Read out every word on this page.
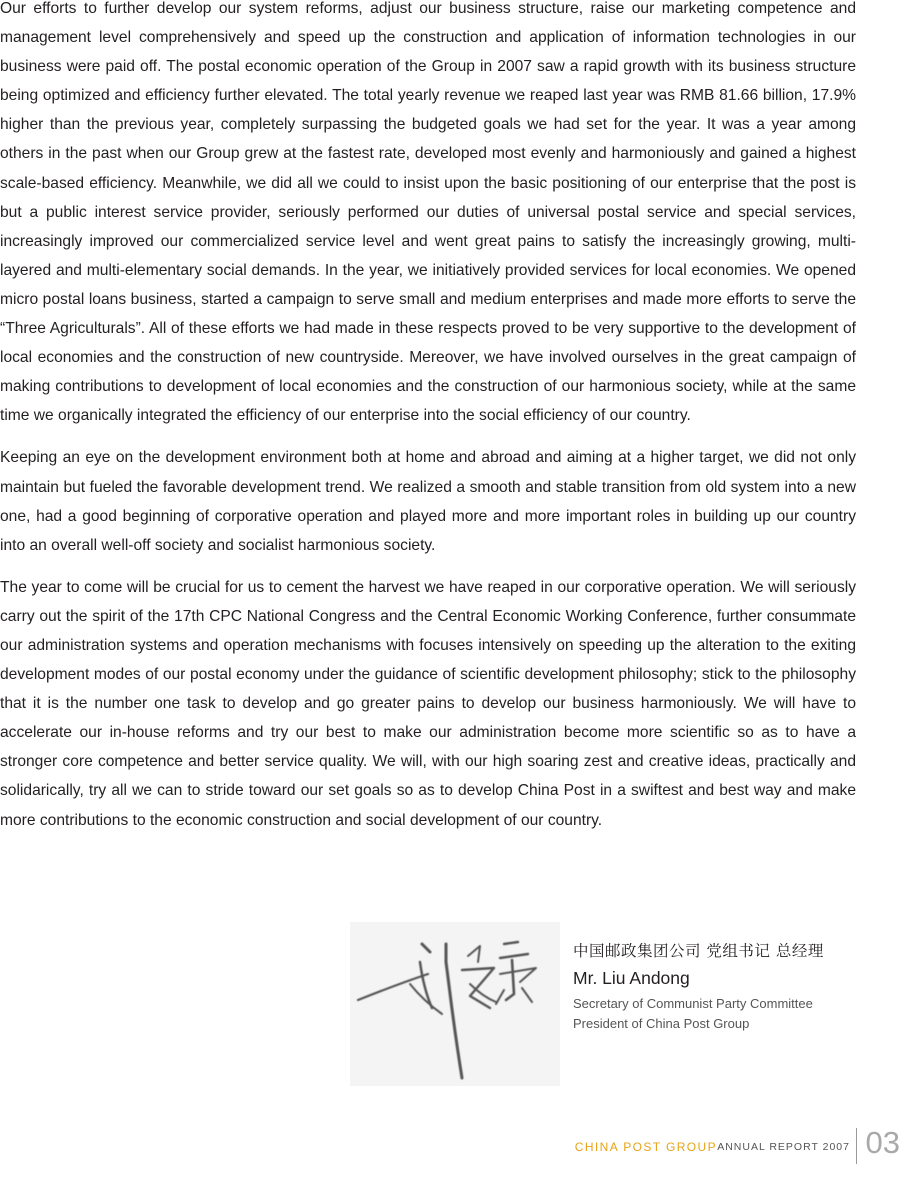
Our efforts to further develop our system reforms, adjust our business structure, raise our marketing competence and management level comprehensively and speed up the construction and application of information technologies in our business were paid off. The postal economic operation of the Group in 2007 saw a rapid growth with its business structure being optimized and efficiency further elevated. The total yearly revenue we reaped last year was RMB 81.66 billion, 17.9% higher than the previous year, completely surpassing the budgeted goals we had set for the year. It was a year among others in the past when our Group grew at the fastest rate, developed most evenly and harmoniously and gained a highest scale-based efficiency. Meanwhile, we did all we could to insist upon the basic positioning of our enterprise that the post is but a public interest service provider, seriously performed our duties of universal postal service and special services, increasingly improved our commercialized service level and went great pains to satisfy the increasingly growing, multi-layered and multi-elementary social demands. In the year, we initiatively provided services for local economies. We opened micro postal loans business, started a campaign to serve small and medium enterprises and made more efforts to serve the “Three Agriculturals”. All of these efforts we had made in these respects proved to be very supportive to the development of local economies and the construction of new countryside. Mereover, we have involved ourselves in the great campaign of making contributions to development of local economies and the construction of our harmonious society, while at the same time we organically integrated the efficiency of our enterprise into the social efficiency of our country.

Keeping an eye on the development environment both at home and abroad and aiming at a higher target, we did not only maintain but fueled the favorable development trend. We realized a smooth and stable transition from old system into a new one, had a good beginning of corporative operation and played more and more important roles in building up our country into an overall well-off society and socialist harmonious society.

The year to come will be crucial for us to cement the harvest we have reaped in our corporative operation. We will seriously carry out the spirit of the 17th CPC National Congress and the Central Economic Working Conference, further consummate our administration systems and operation mechanisms with focuses intensively on speeding up the alteration to the exiting development modes of our postal economy under the guidance of scientific development philosophy; stick to the philosophy that it is the number one task to develop and go greater pains to develop our business harmoniously. We will have to accelerate our in-house reforms and try our best to make our administration become more scientific so as to have a stronger core competence and better service quality. We will, with our high soaring zest and creative ideas, practically and solidarically, try all we can to stride toward our set goals so as to develop China Post in a swiftest and best way and make more contributions to the economic construction and social development of our country.

中国邮政集团公司 党组书记 总经理
Mr. Liu Andong
Secretary of Communist Party Committee
President of China Post Group
CHINA POST GROUP ANNUAL REPORT 2007 03
